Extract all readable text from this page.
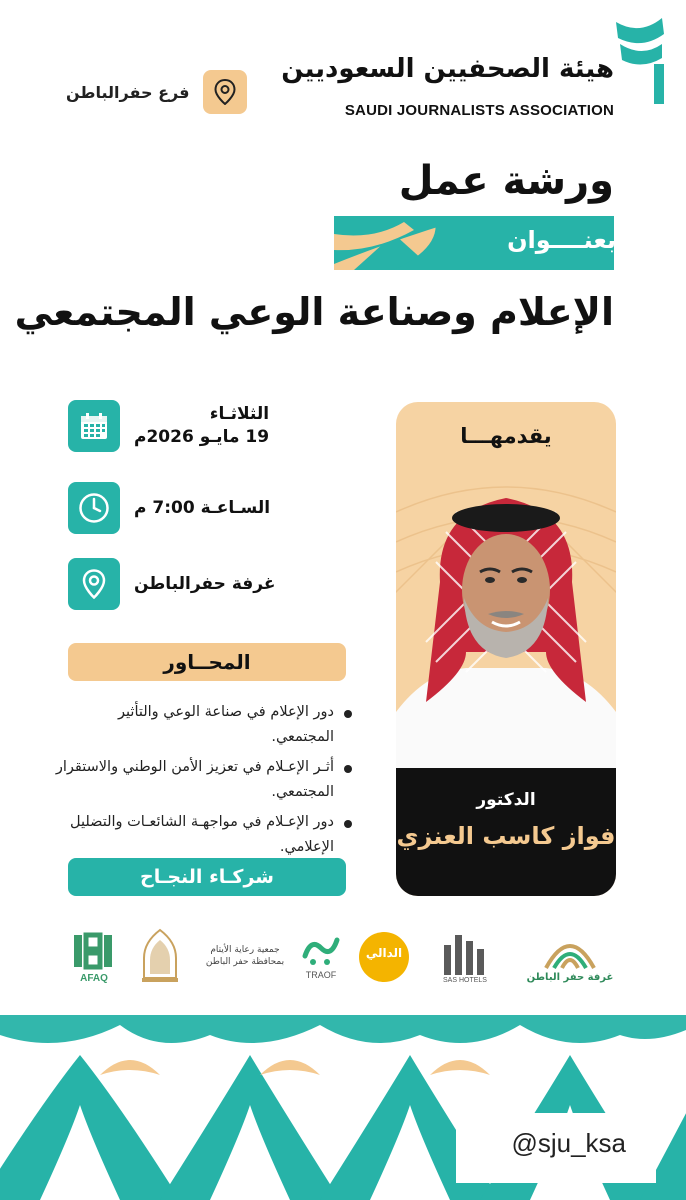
هيئة الصحفيين السعوديين
SAUDI JOURNALISTS ASSOCIATION
فرع حفرالباطن
ورشة عمل
بعنــــوان
الإعلام وصناعة الوعي المجتمعي
الثلاثـاء
19 مايـو 2026م
السـاعـة 7:00 م
غرفة حفرالباطن
المحــاور
دور الإعلام في صناعة الوعي والتأثير المجتمعي.
أثـر الإعـلام في تعزيز الأمن الوطني والاستقرار المجتمعي.
دور الإعـلام في مواجهـة الشائعـات والتضليل الإعلامي.
شركـاء النجـاح
يقدمهـــا
الدكتور
فواز كاسب العنزي
AFAQ
جمعية رعاية الأيتام بمحافظة حفر الباطن
TRAOF
الدالي
SAS HOTELS	غرفة حفر الباطن
@sju_ksa
